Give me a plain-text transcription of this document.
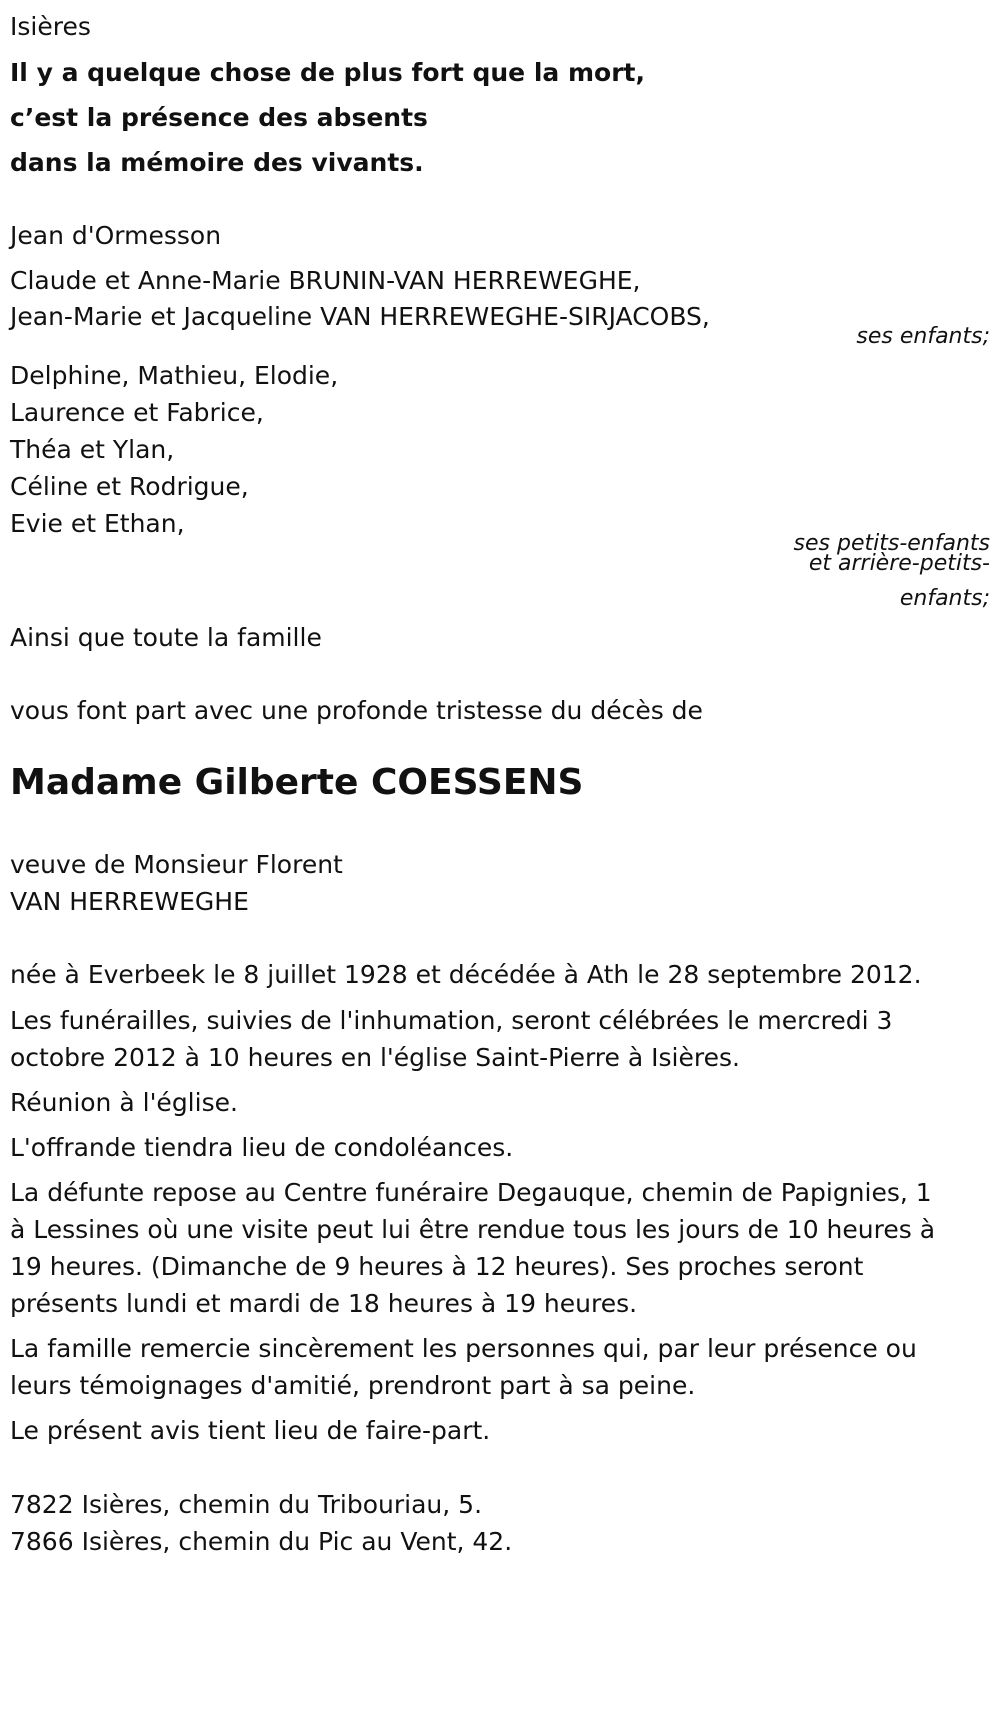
Isières
Il y a quelque chose de plus fort que la mort,
c’est la présence des absents
dans la mémoire des vivants.
Jean d'Ormesson
Claude et Anne-Marie BRUNIN-VAN HERREWEGHE,
Jean-Marie et Jacqueline VAN HERREWEGHE-SIRJACOBS,
ses enfants;
Delphine, Mathieu, Elodie,
Laurence et Fabrice,
Théa et Ylan,
Céline et Rodrigue,
Evie et Ethan,
ses petits-enfants
et arrière-petits-
enfants;
Ainsi que toute la famille
vous font part avec une profonde tristesse du décès de
Madame Gilberte COESSENS
veuve de Monsieur Florent
VAN HERREWEGHE
née à Everbeek le 8 juillet 1928 et décédée à Ath le 28 septembre 2012.
Les funérailles, suivies de l'inhumation, seront célébrées le mercredi 3
octobre 2012 à 10 heures en l'église Saint-Pierre à Isières.
Réunion à l'église.
L'offrande tiendra lieu de condoléances.
La défunte repose au Centre funéraire Degauque, chemin de Papignies, 1
à Lessines où une visite peut lui être rendue tous les jours de 10 heures à
19 heures. (Dimanche de 9 heures à 12 heures). Ses proches seront
présents lundi et mardi de 18 heures à 19 heures.
La famille remercie sincèrement les personnes qui, par leur présence ou
leurs témoignages d'amitié, prendront part à sa peine.
Le présent avis tient lieu de faire-part.
7822 Isières, chemin du Tribouriau, 5.
7866 Isières, chemin du Pic au Vent, 42.
